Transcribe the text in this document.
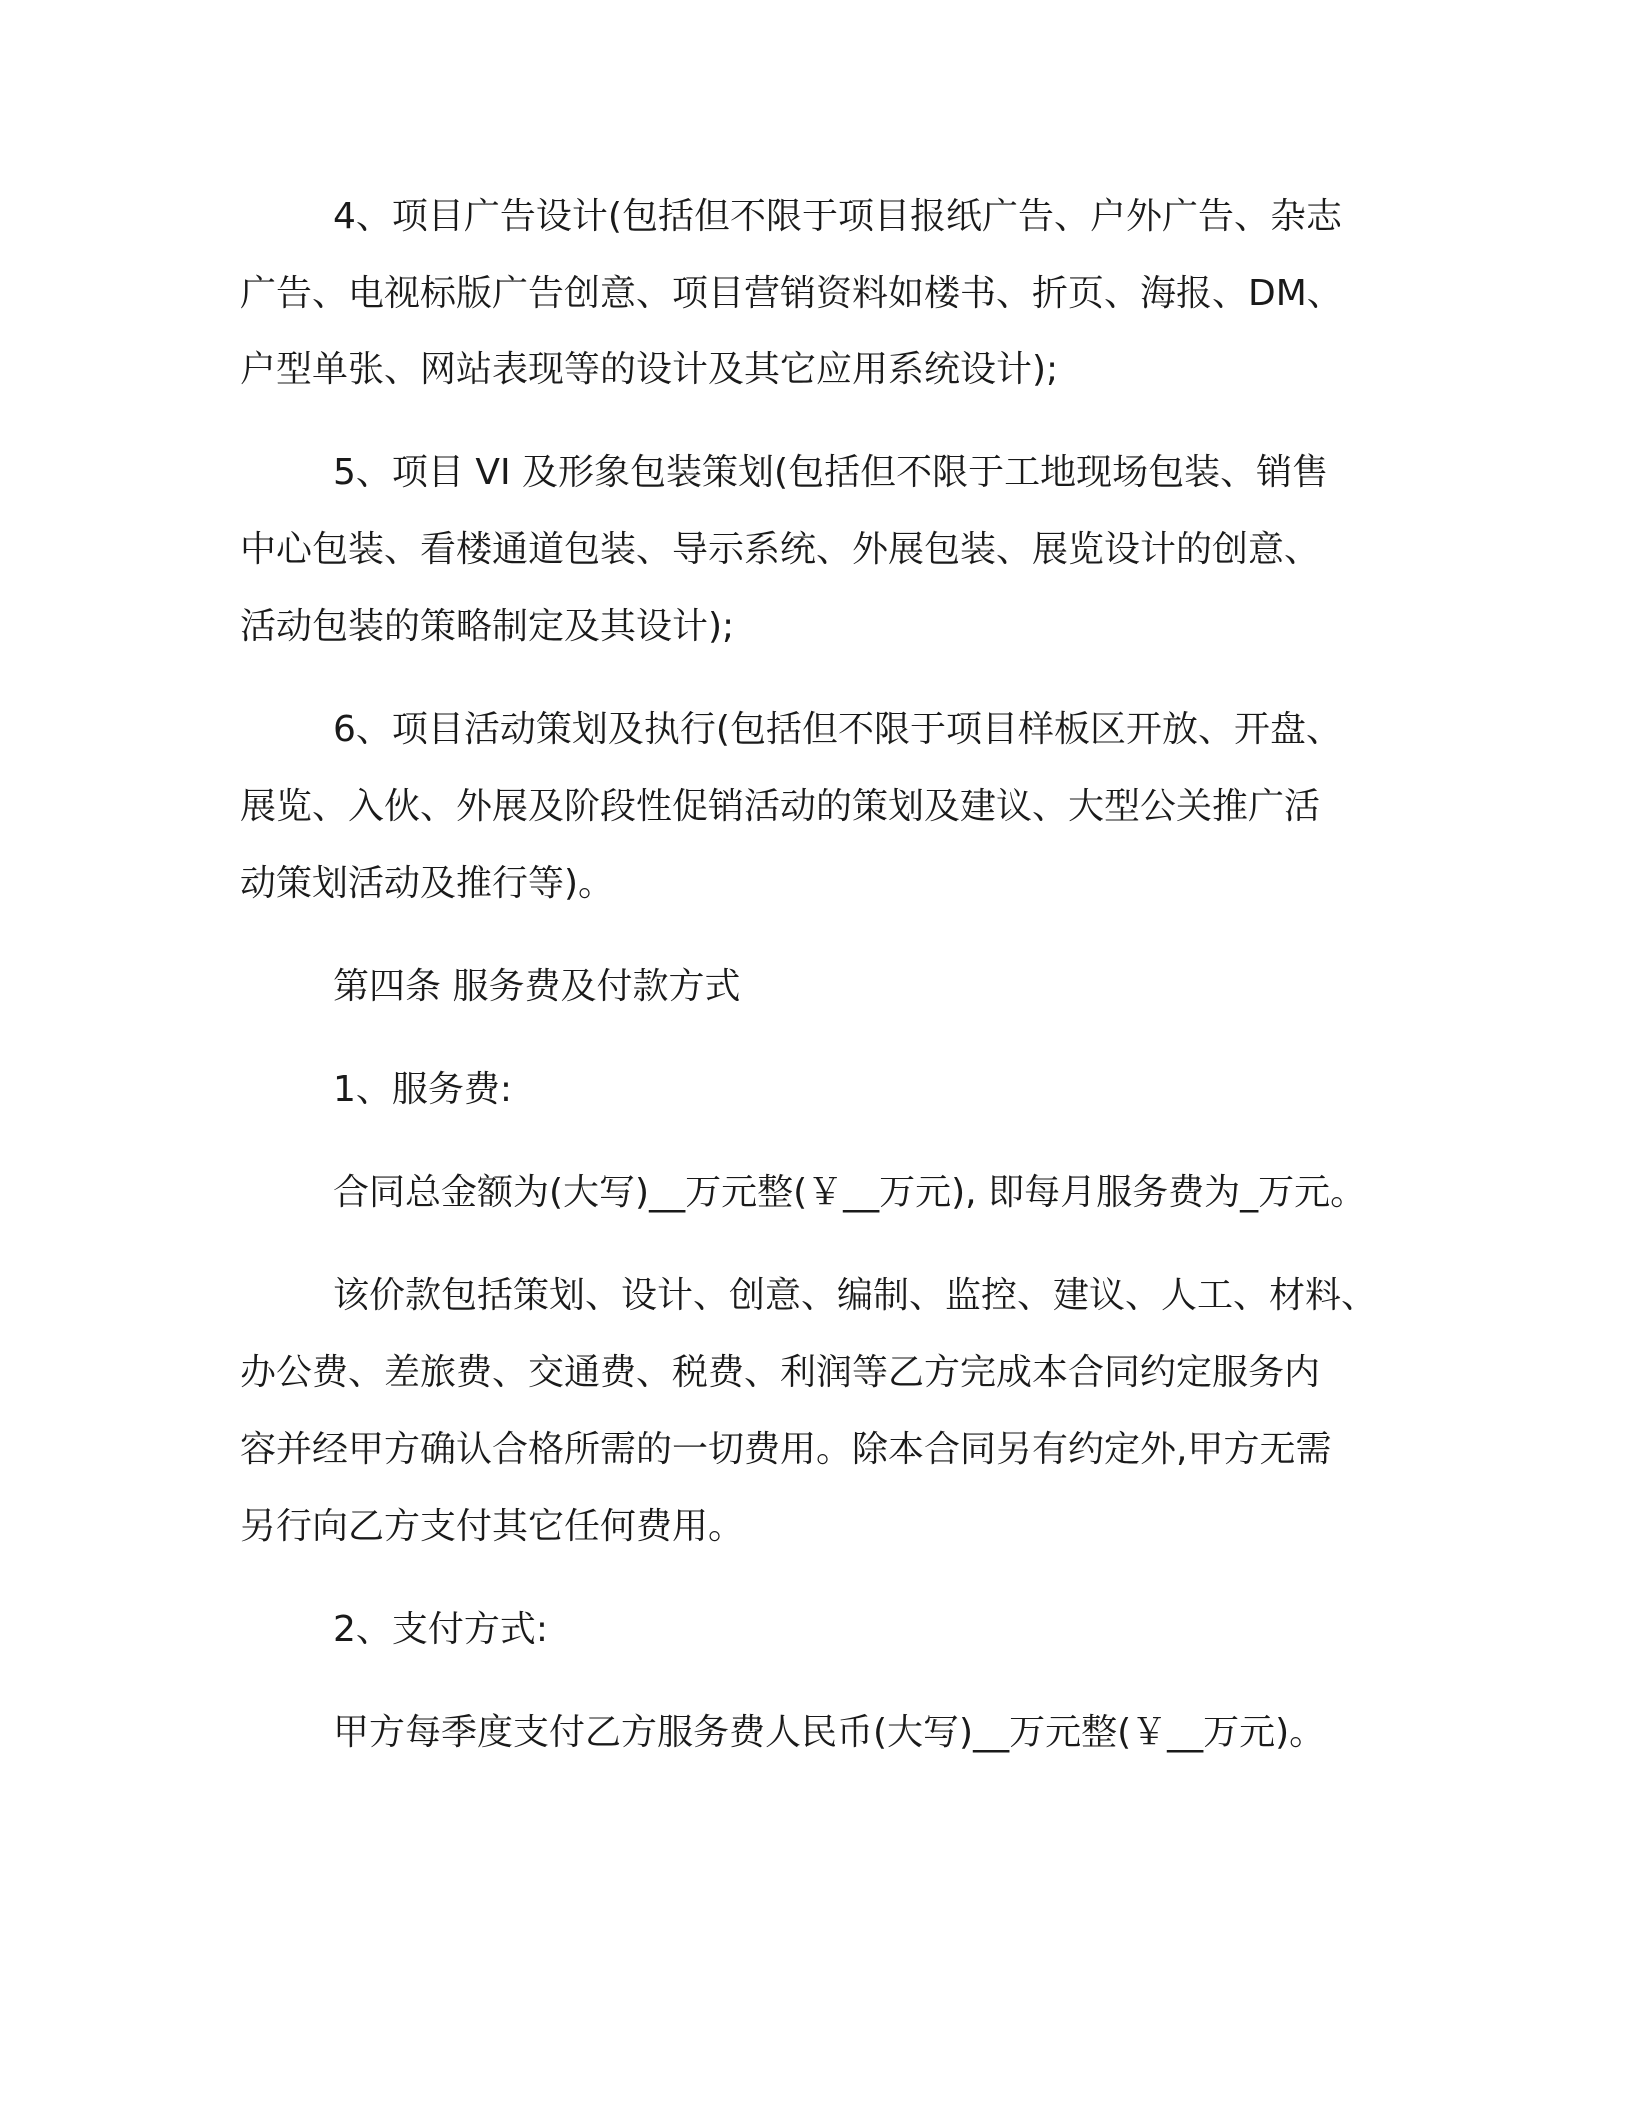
4、项目广告设计(包括但不限于项目报纸广告、户外广告、杂志

广告、电视标版广告创意、项目营销资料如楼书、折页、海报、DM、

户型单张、网站表现等的设计及其它应用系统设计);

5、项目 VI 及形象包装策划(包括但不限于工地现场包装、销售

中心包装、看楼通道包装、导示系统、外展包装、展览设计的创意、

活动包装的策略制定及其设计);

6、项目活动策划及执行(包括但不限于项目样板区开放、开盘、

展览、入伙、外展及阶段性促销活动的策划及建议、大型公关推广活

动策划活动及推行等)。

第四条 服务费及付款方式

1、服务费:

合同总金额为(大写)__万元整(￥__万元), 即每月服务费为_万元。

该价款包括策划、设计、创意、编制、监控、建议、人工、材料、

办公费、差旅费、交通费、税费、利润等乙方完成本合同约定服务内

容并经甲方确认合格所需的一切费用。除本合同另有约定外,甲方无需

另行向乙方支付其它任何费用。

2、支付方式:

甲方每季度支付乙方服务费人民币(大写)__万元整(￥__万元)。
